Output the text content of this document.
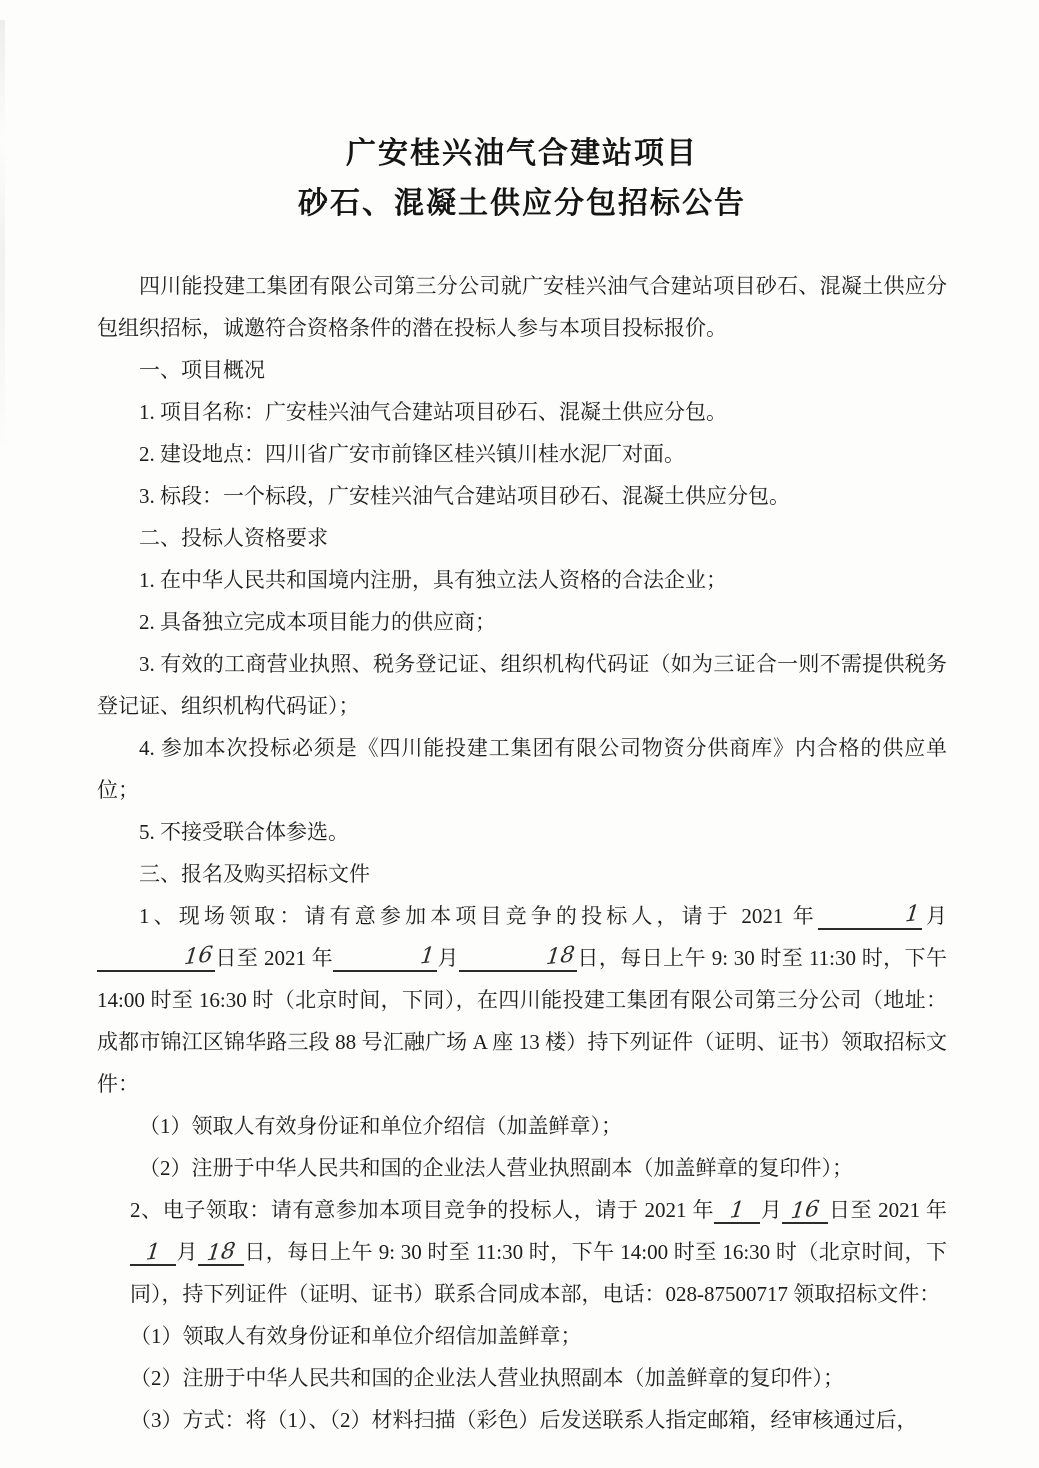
广安桂兴油气合建站项目
砂石、混凝土供应分包招标公告

四川能投建工集团有限公司第三分公司就广安桂兴油气合建站项目砂石、混凝土供应分包组织招标，诚邀符合资格条件的潜在投标人参与本项目投标报价。

一、项目概况

1. 项目名称：广安桂兴油气合建站项目砂石、混凝土供应分包。

2. 建设地点：四川省广安市前锋区桂兴镇川桂水泥厂对面。

3. 标段：一个标段，广安桂兴油气合建站项目砂石、混凝土供应分包。

二、投标人资格要求

1. 在中华人民共和国境内注册，具有独立法人资格的合法企业；

2. 具备独立完成本项目能力的供应商；

3. 有效的工商营业执照、税务登记证、组织机构代码证（如为三证合一则不需提供税务登记证、组织机构代码证）；

4. 参加本次投标必须是《四川能投建工集团有限公司物资分供商库》内合格的供应单位；

5. 不接受联合体参选。

三、报名及购买招标文件

1、现场领取：请有意参加本项目竞争的投标人，请于 2021 年	1月16日至 2021 年	1月	18日，每日上午 9: 30 时至 11:30 时，下午 14:00 时至 16:30 时（北京时间，下同），在四川能投建工集团有限公司第三分公司（地址：成都市锦江区锦华路三段 88 号汇融广场 A 座 13 楼）持下列证件（证明、证书）领取招标文件：

（1）领取人有效身份证和单位介绍信（加盖鲜章）；

（2）注册于中华人民共和国的企业法人营业执照副本（加盖鲜章的复印件）；

2、电子领取：请有意参加本项目竞争的投标人，请于 2021 年 1 月 16 日至 2021 年1 月 18 日，每日上午 9: 30 时至 11:30 时，下午 14:00 时至 16:30 时（北京时间，下同），持下列证件（证明、证书）联系合同成本部，电话：028-87500717 领取招标文件：

（1）领取人有效身份证和单位介绍信加盖鲜章；

（2）注册于中华人民共和国的企业法人营业执照副本（加盖鲜章的复印件）；

（3）方式：将（1）、（2）材料扫描（彩色）后发送联系人指定邮箱，经审核通过后，
